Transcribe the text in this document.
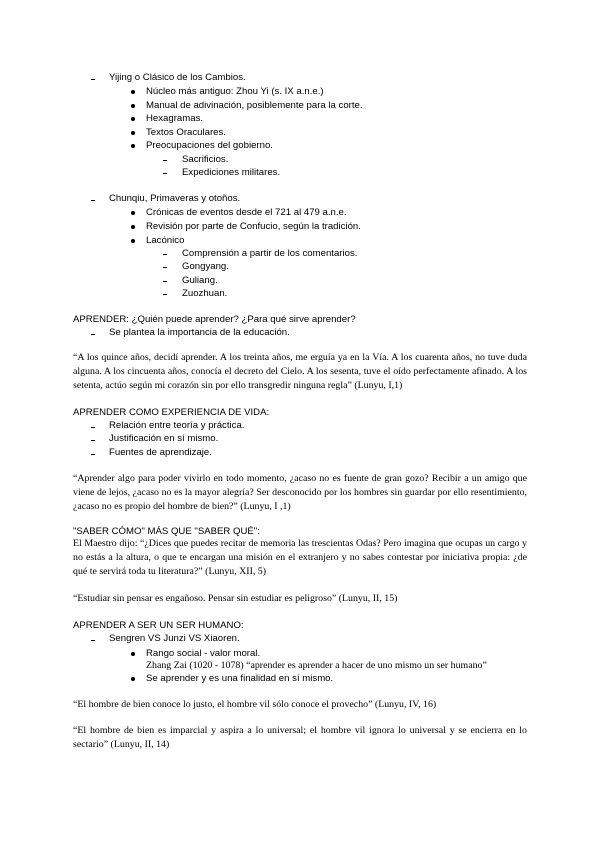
Yijing o Clásico de los Cambios.
Núcleo más antiguo: Zhou Yi (s. IX a.n.e.)
Manual de adivinación, posiblemente para la corte.
Hexagramas.
Textos Oraculares.
Preocupaciones del gobierno.
Sacrificios.
Expediciones militares.
Chunqiu, Primaveras y otoños.
Crónicas de eventos desde el 721 al 479 a.n.e.
Revisión por parte de Confucio, según la tradición.
Lacónico
Comprensión a partir de los comentarios.
Gongyang.
Guliang.
Zuozhuan.
APRENDER: ¿Quién puede aprender? ¿Para qué sirve aprender?
Se plantea la importancia de la educación.
“A los quince años, decidí aprender. A los treinta años, me erguía ya en la Vía. A los cuarenta años, no tuve duda alguna. A los cincuenta años, conocía el decreto del Cielo. A los sesenta, tuve el oído perfectamente afinado. A los setenta, actúo según mi corazón sin por ello transgredir ninguna regla” (Lunyu, I,1)
APRENDER COMO EXPERIENCIA DE VIDA:
Relación entre teoría y práctica.
Justificación en sí mismo.
Fuentes de aprendizaje.
“Aprender algo para poder vivirlo en todo momento, ¿acaso no es fuente de gran gozo? Recibir a un amigo que viene de lejos, ¿acaso no es la mayor alegría? Ser desconocido por los hombres sin guardar por ello resentimiento, ¿acaso no es propio del hombre de bien?” (Lunyu, I ,1)
"SABER CÓMO" MÁS QUE "SABER QUÉ":
El Maestro dijo: “¿Dices que puedes recitar de memoria las trescientas Odas? Pero imagina que ocupas un cargo y no estás a la altura, o que te encargan una misión en el extranjero y no sabes contestar por iniciativa propia: ¿de qué te servirá toda tu literatura?” (Lunyu, XII, 5)
“Estudiar sin pensar es engañoso. Pensar sin estudiar es peligroso” (Lunyu, II, 15)
APRENDER A SER UN SER HUMANO:
Sengren VS Junzi VS Xiaoren.
Rango social - valor moral.
Zhang Zai (1020 - 1078) “aprender es aprender a hacer de uno mismo un ser humano”
Se aprender y es una finalidad en sí mismo.
“El hombre de bien conoce lo justo, el hombre vil sólo conoce el provecho” (Lunyu, IV, 16)
“El hombre de bien es imparcial y aspira a lo universal; el hombre vil ignora lo universal y se encierra en lo sectario” (Lunyu, II, 14)
